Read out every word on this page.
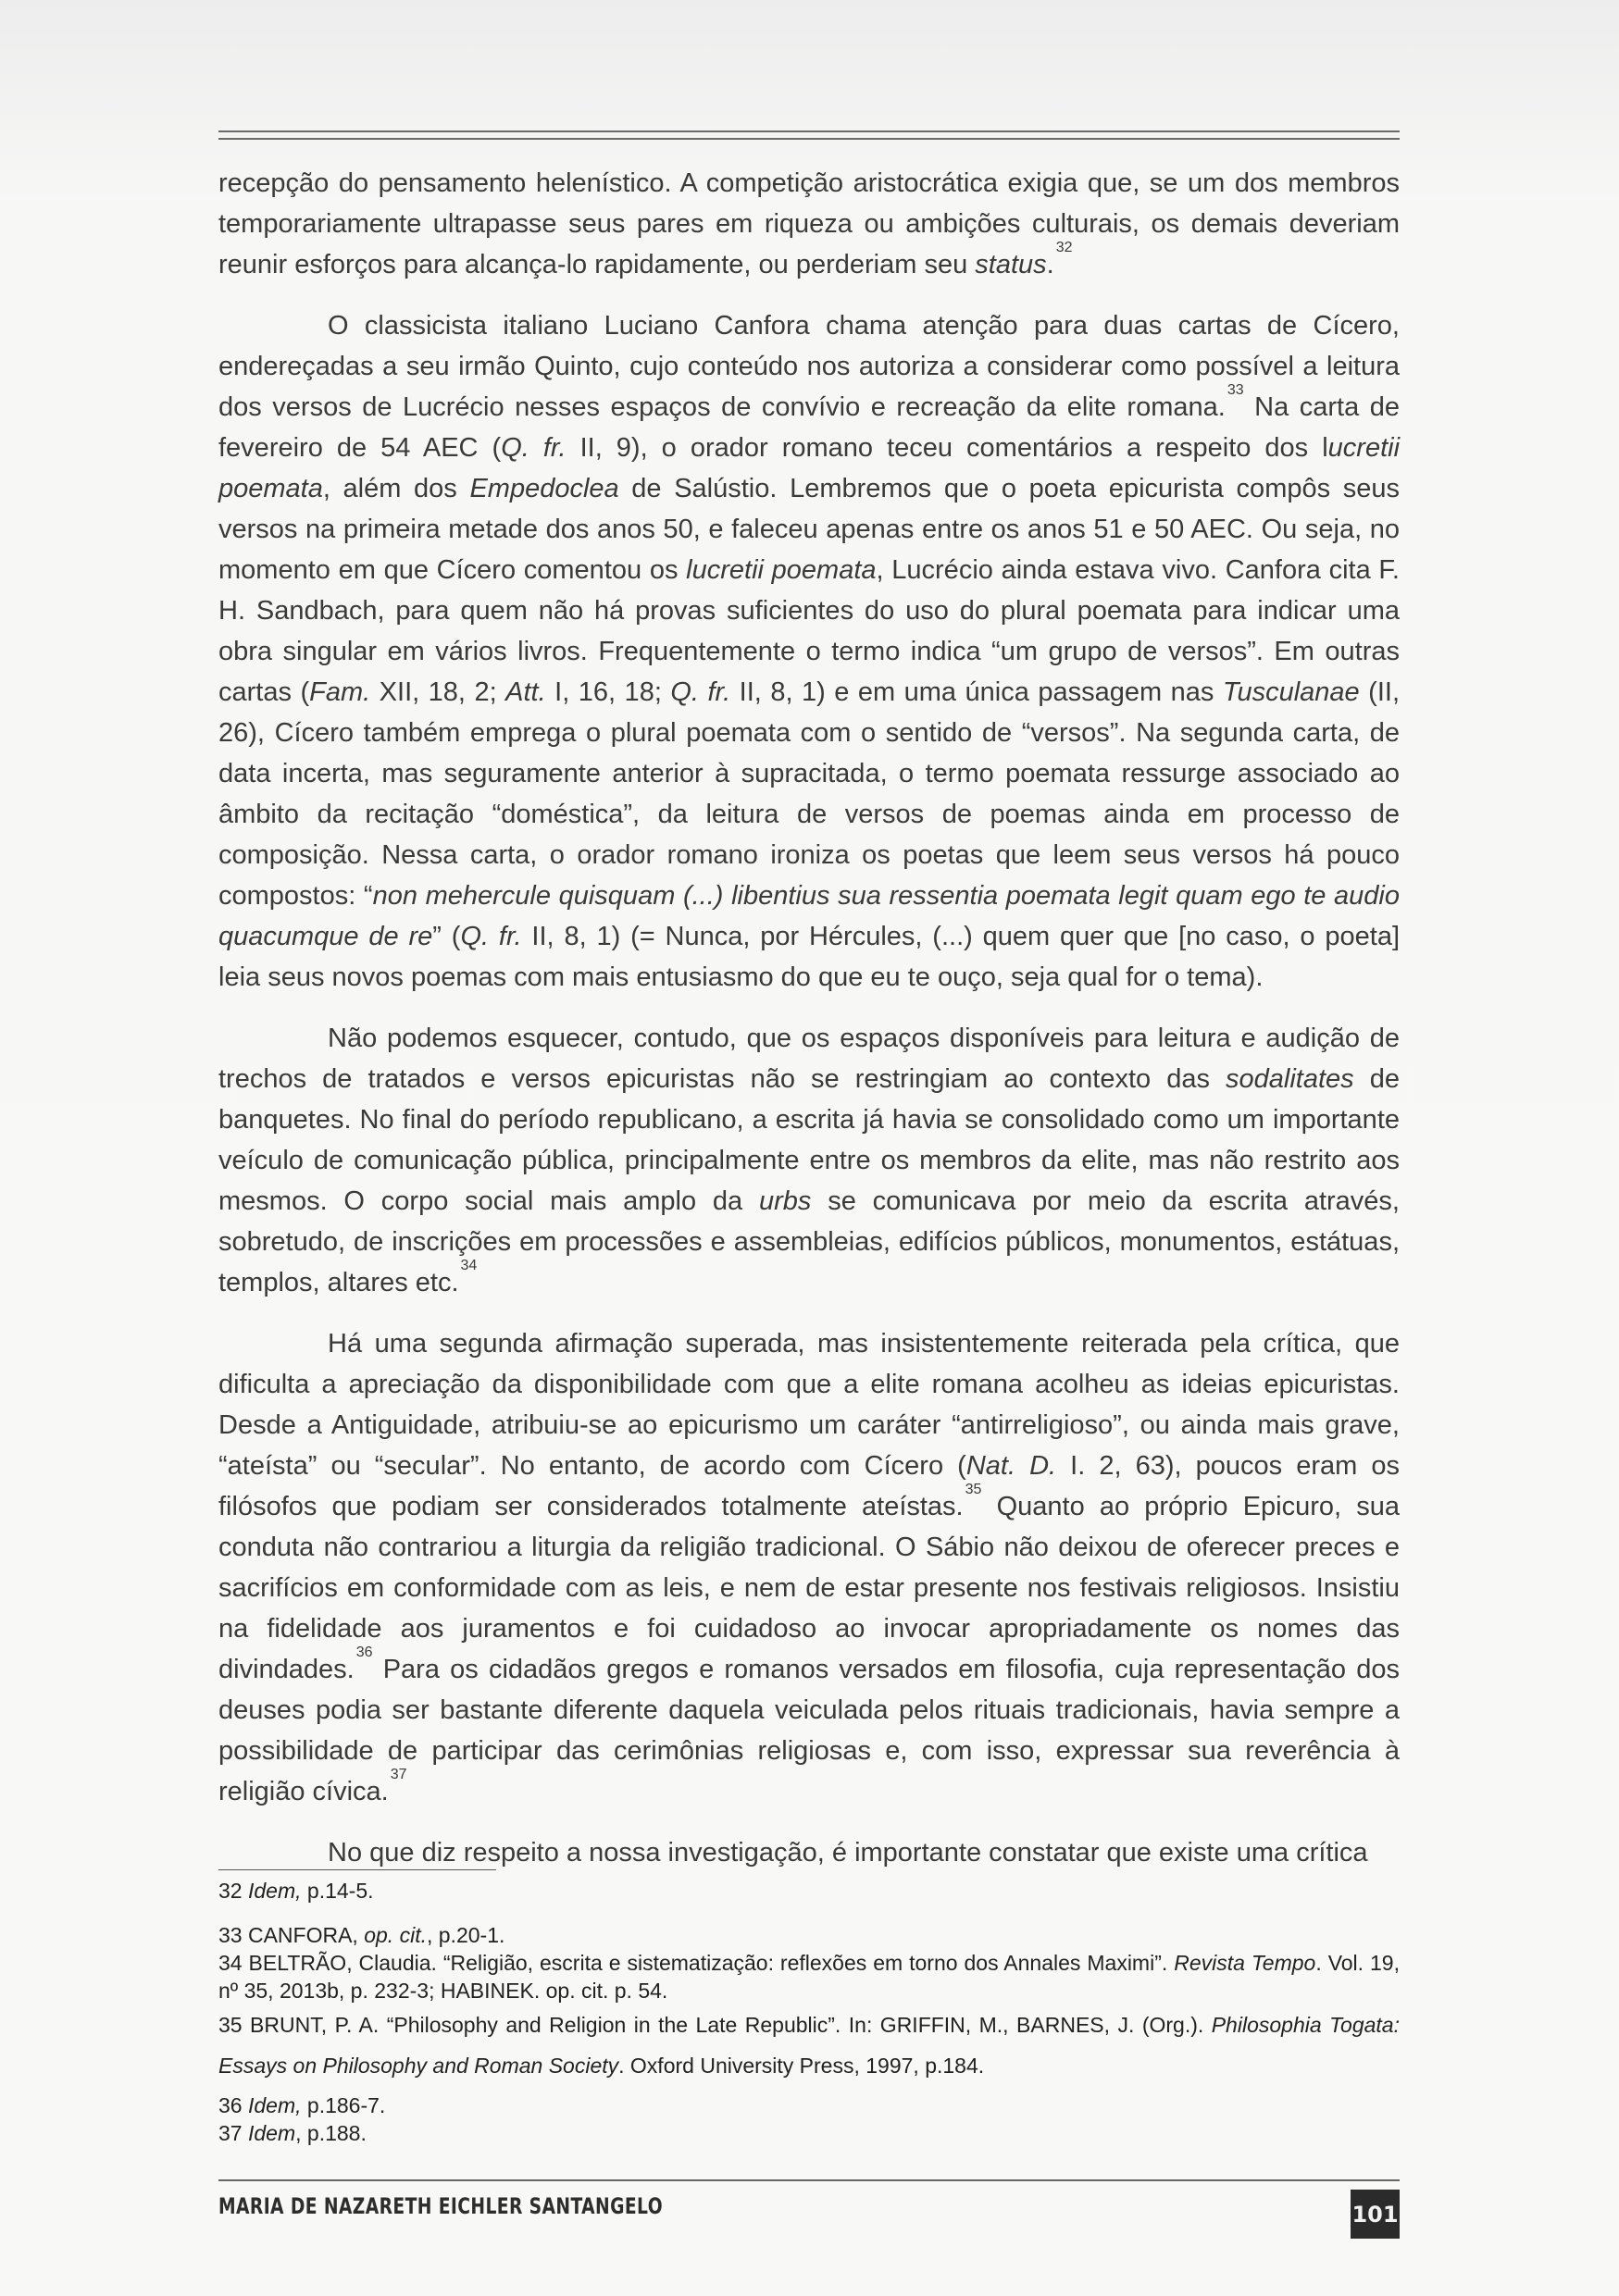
recepção do pensamento helenístico. A competição aristocrática exigia que, se um dos membros temporariamente ultrapasse seus pares em riqueza ou ambições culturais, os demais deveriam reunir esforços para alcança-lo rapidamente, ou perderiam seu status.$^{32}$

O classicista italiano Luciano Canfora chama atenção para duas cartas de Cícero, endereçadas a seu irmão Quinto, cujo conteúdo nos autoriza a considerar como possível a leitura dos versos de Lucrécio nesses espaços de convívio e recreação da elite romana.$^{33}$ Na carta de fevereiro de 54 AEC (Q. fr. II, 9), o orador romano teceu comentários a respeito dos lucretii poemata, além dos Empedoclea de Salústio. Lembremos que o poeta epicurista compôs seus versos na primeira metade dos anos 50, e faleceu apenas entre os anos 51 e 50 AEC. Ou seja, no momento em que Cícero comentou os lucretii poemata, Lucrécio ainda estava vivo. Canfora cita F. H. Sandbach, para quem não há provas suficientes do uso do plural poemata para indicar uma obra singular em vários livros. Frequentemente o termo indica “um grupo de versos”. Em outras cartas (Fam. XII, 18, 2; Att. I, 16, 18; Q. fr. II, 8, 1) e em uma única passagem nas Tusculanae (II, 26), Cícero também emprega o plural poemata com o sentido de “versos”. Na segunda carta, de data incerta, mas seguramente anterior à supracitada, o termo poemata ressurge associado ao âmbito da recitação “doméstica”, da leitura de versos de poemas ainda em processo de composição. Nessa carta, o orador romano ironiza os poetas que leem seus versos há pouco compostos: “non mehercule quisquam (...) libentius sua ressentia poemata legit quam ego te audio quacumque de re” (Q. fr. II, 8, 1) (= Nunca, por Hércules, (...) quem quer que [no caso, o poeta] leia seus novos poemas com mais entusiasmo do que eu te ouço, seja qual for o tema).

Não podemos esquecer, contudo, que os espaços disponíveis para leitura e audição de trechos de tratados e versos epicuristas não se restringiam ao contexto das sodalitates de banquetes. No final do período republicano, a escrita já havia se consolidado como um importante veículo de comunicação pública, principalmente entre os membros da elite, mas não restrito aos mesmos. O corpo social mais amplo da urbs se comunicava por meio da escrita através, sobretudo, de inscrições em processões e assembleias, edifícios públicos, monumentos, estátuas, templos, altares etc.$^{34}$

Há uma segunda afirmação superada, mas insistentemente reiterada pela crítica, que dificulta a apreciação da disponibilidade com que a elite romana acolheu as ideias epicuristas. Desde a Antiguidade, atribuiu-se ao epicurismo um caráter “antirreligioso”, ou ainda mais grave, “ateísta” ou “secular”. No entanto, de acordo com Cícero (Nat. D. I. 2, 63), poucos eram os filósofos que podiam ser considerados totalmente ateístas.$^{35}$ Quanto ao próprio Epicuro, sua conduta não contrariou a liturgia da religião tradicional. O Sábio não deixou de oferecer preces e sacrifícios em conformidade com as leis, e nem de estar presente nos festivais religiosos. Insistiu na fidelidade aos juramentos e foi cuidadoso ao invocar apropriadamente os nomes das divindades.$^{36}$ Para os cidadãos gregos e romanos versados em filosofia, cuja representação dos deuses podia ser bastante diferente daquela veiculada pelos rituais tradicionais, havia sempre a possibilidade de participar das cerimônias religiosas e, com isso, expressar sua reverência à religião cívica.$^{37}$

No que diz respeito a nossa investigação, é importante constatar que existe uma crítica

32 Idem, p.14-5.

33 CANFORA, op. cit., p.20-1.

34 BELTRÃO, Claudia. “Religião, escrita e sistematização: reflexões em torno dos Annales Maximi”. Revista Tempo. Vol. 19, nº 35, 2013b, p. 232-3; HABINEK. op. cit. p. 54.

35 BRUNT, P. A. “Philosophy and Religion in the Late Republic”. In: GRIFFIN, M., BARNES, J. (Org.). Philosophia Togata: Essays on Philosophy and Roman Society. Oxford University Press, 1997, p.184.

36 Idem, p.186-7.

37 Idem, p.188.

MARIA DE NAZARETH EICHLER SANTANGELO	101
